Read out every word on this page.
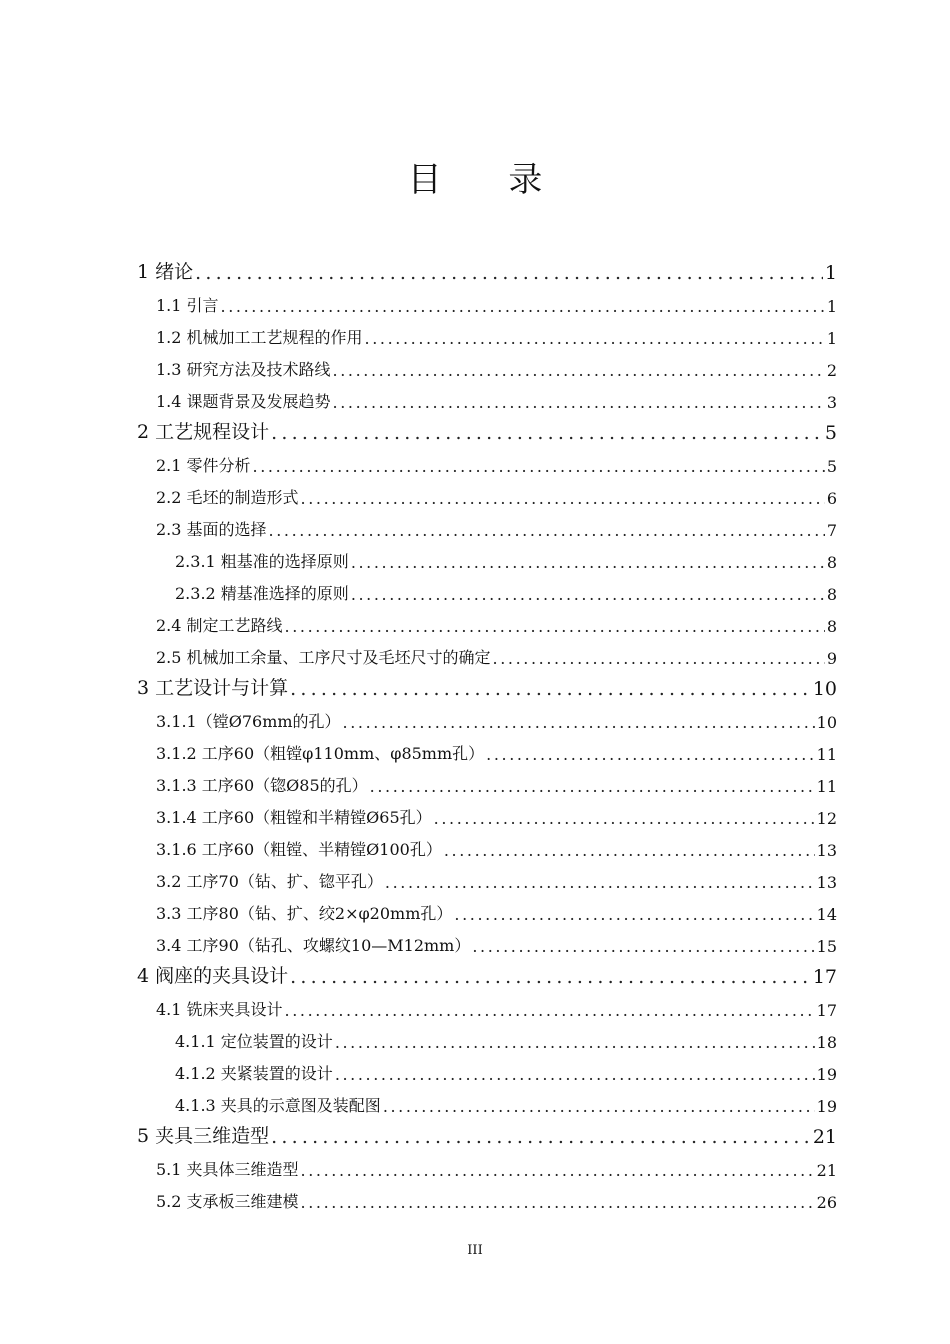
目 录
1 绪论 .....	1
1.1 引言 .....	1
1.2 机械加工工艺规程的作用 .....	1
1.3 研究方法及技术路线 .....	2
1.4 课题背景及发展趋势 .....	3
2 工艺规程设计 .....	5
2.1 零件分析 .....	5
2.2 毛坯的制造形式 .....	6
2.3 基面的选择 .....	7
2.3.1 粗基准的选择原则 .....	8
2.3.2 精基准选择的原则 .....	8
2.4 制定工艺路线 .....	8
2.5 机械加工余量、工序尺寸及毛坯尺寸的确定 .....	9
3 工艺设计与计算 .....	10
3.1.1（镗Ø76mm的孔） .....	10
3.1.2 工序60（粗镗φ110mm、φ85mm孔） .....	11
3.1.3 工序60（锪Ø85的孔） .....	11
3.1.4 工序60（粗镗和半精镗Ø65孔） .....	12
3.1.6 工序60（粗镗、半精镗Ø100孔） .....	13
3.2 工序70（钻、扩、锪平孔） .....	13
3.3 工序80（钻、扩、绞2×φ20mm孔） .....	14
3.4 工序90（钻孔、攻螺纹10—M12mm） .....	15
4 阀座的夹具设计 .....	17
4.1 铣床夹具设计 .....	17
4.1.1 定位装置的设计 .....	18
4.1.2 夹紧装置的设计 .....	19
4.1.3 夹具的示意图及装配图 .....	19
5 夹具三维造型 .....	21
5.1 夹具体三维造型 .....	21
5.2 支承板三维建模 .....	26
III
